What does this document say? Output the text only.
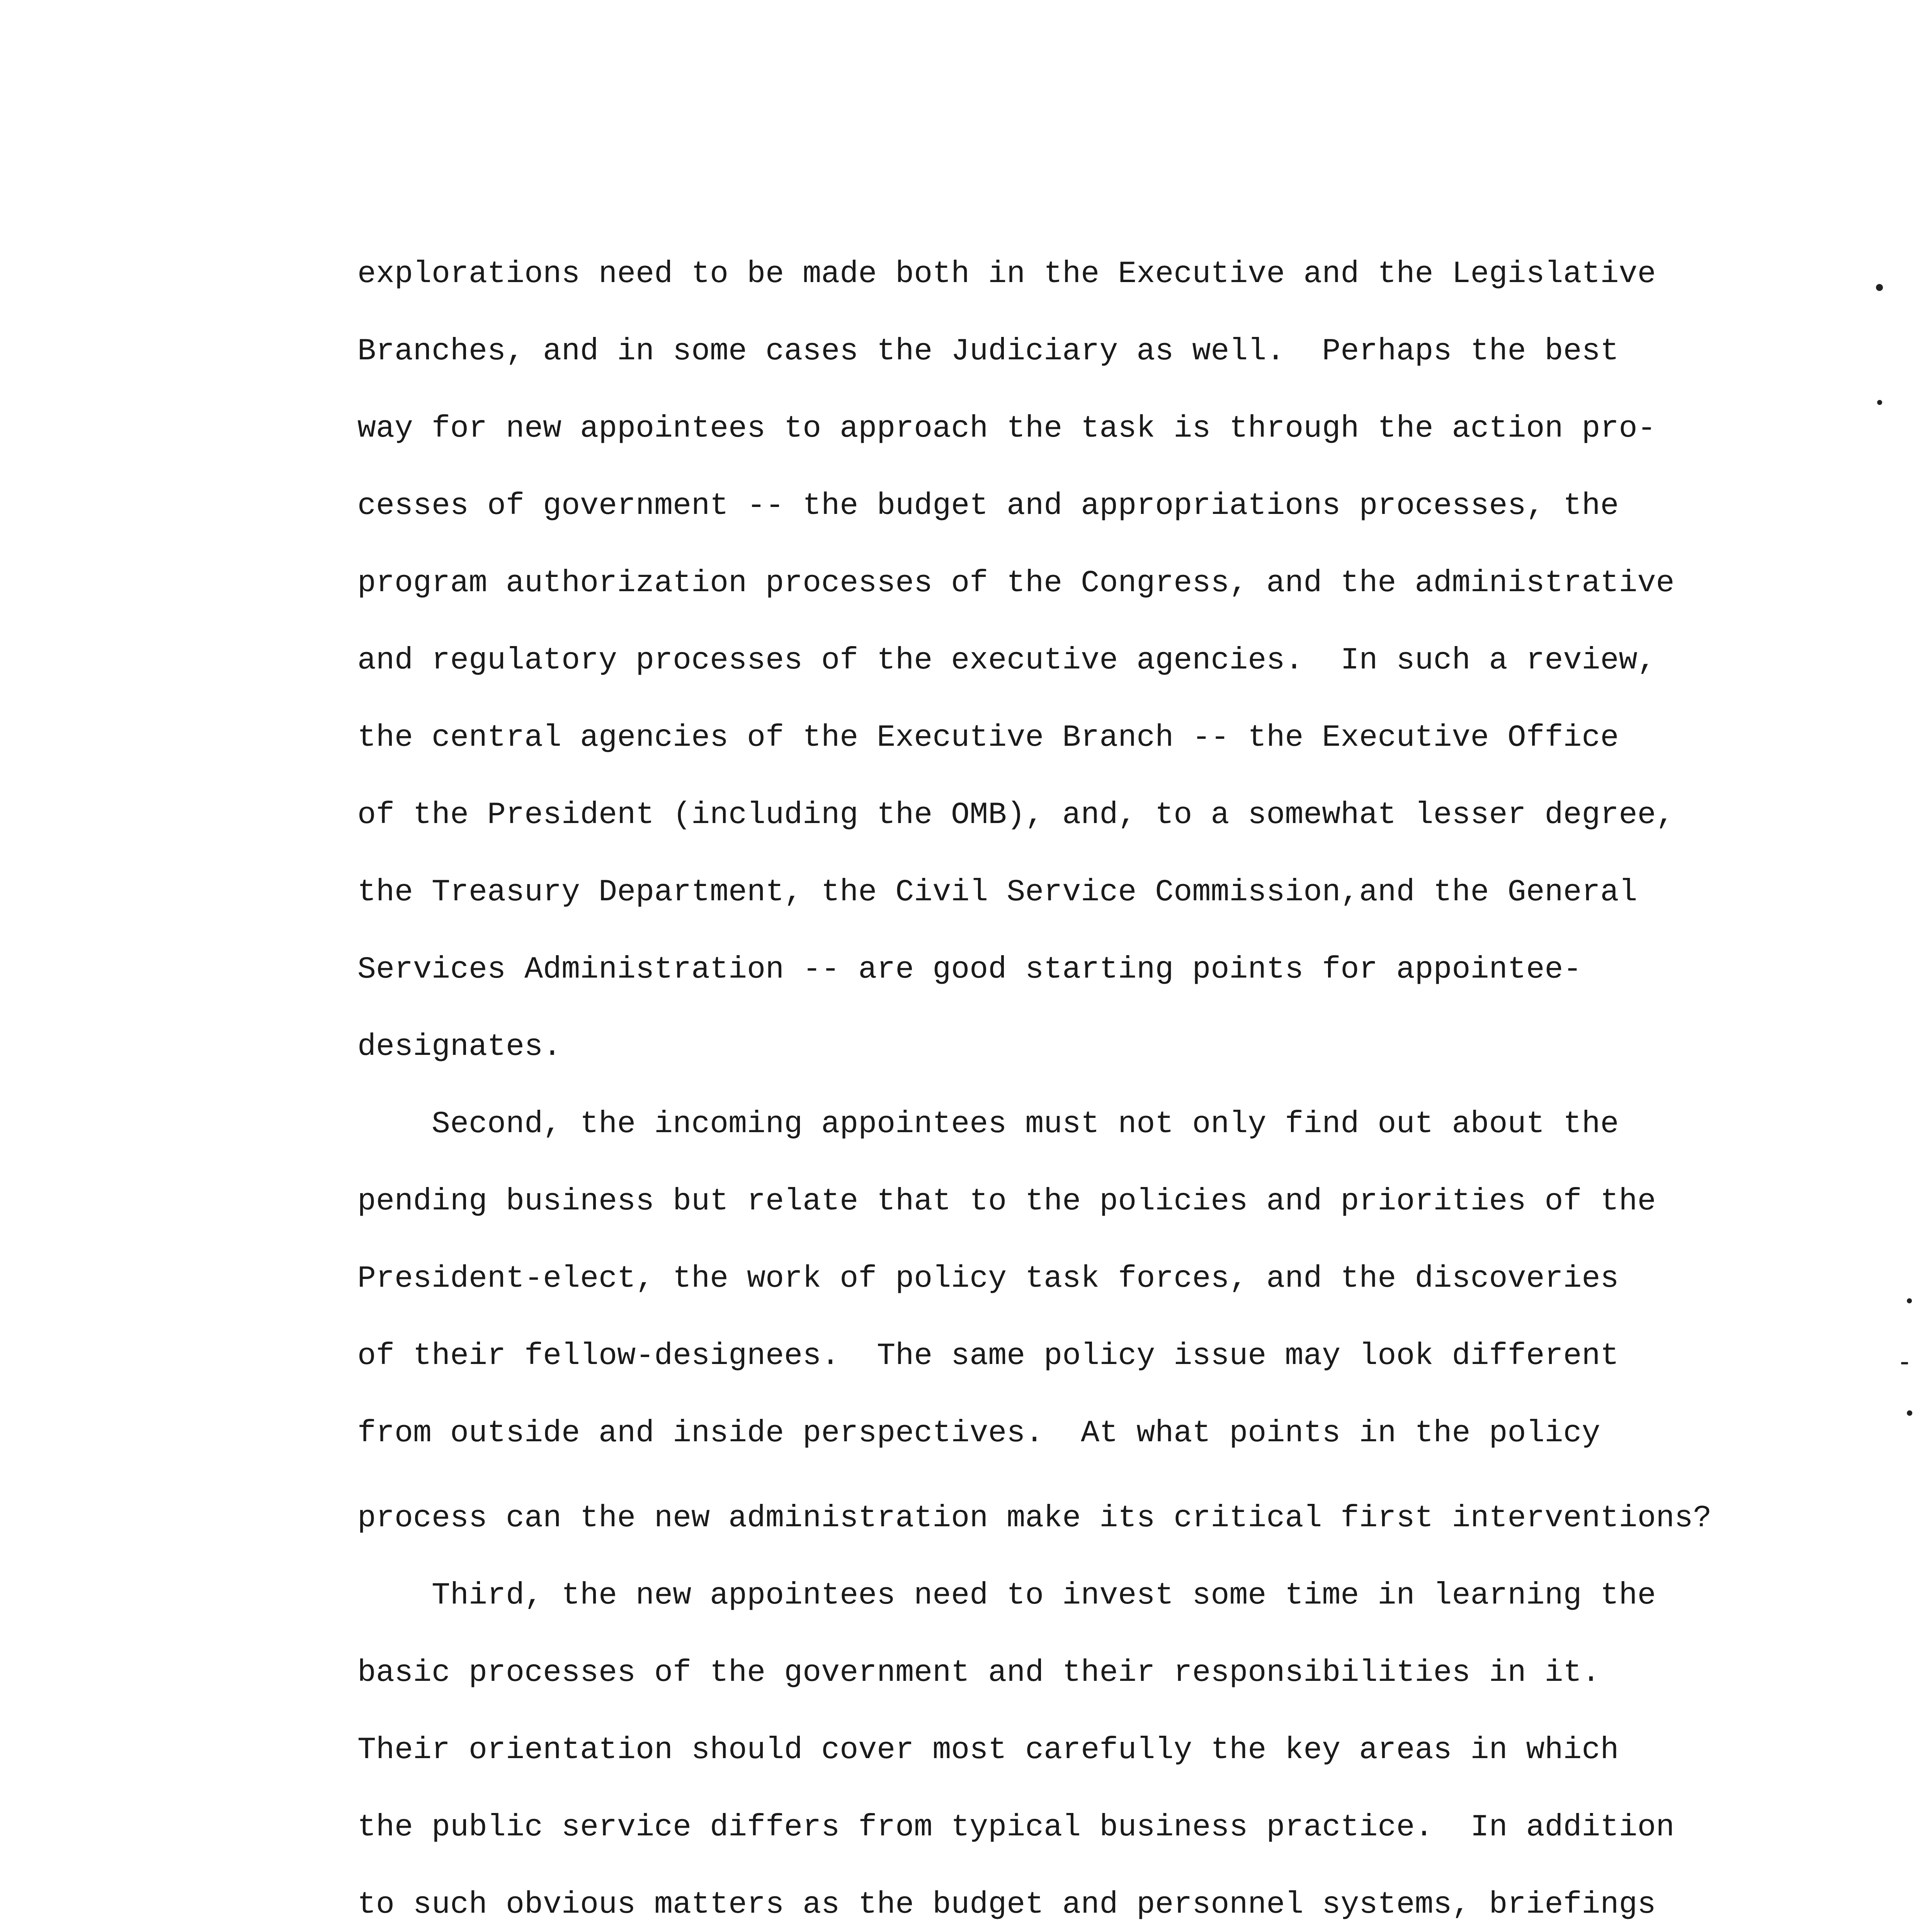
explorations need to be made both in the Executive and the Legislative
Branches, and in some cases the Judiciary as well.  Perhaps the best
way for new appointees to approach the task is through the action pro-
cesses of government -- the budget and appropriations processes, the
program authorization processes of the Congress, and the administrative
and regulatory processes of the executive agencies.  In such a review,
the central agencies of the Executive Branch -- the Executive Office
of the President (including the OMB), and, to a somewhat lesser degree,
the Treasury Department, the Civil Service Commission,and the General
Services Administration -- are good starting points for appointee-
designates.
Second, the incoming appointees must not only find out about the
pending business but relate that to the policies and priorities of the
President-elect, the work of policy task forces, and the discoveries
of their fellow-designees.  The same policy issue may look different
from outside and inside perspectives.  At what points in the policy
process can the new administration make its critical first interventions?
Third, the new appointees need to invest some time in learning the
basic processes of the government and their responsibilities in it.
Their orientation should cover most carefully the key areas in which
the public service differs from typical business practice.  In addition
to such obvious matters as the budget and personnel systems, briefings
